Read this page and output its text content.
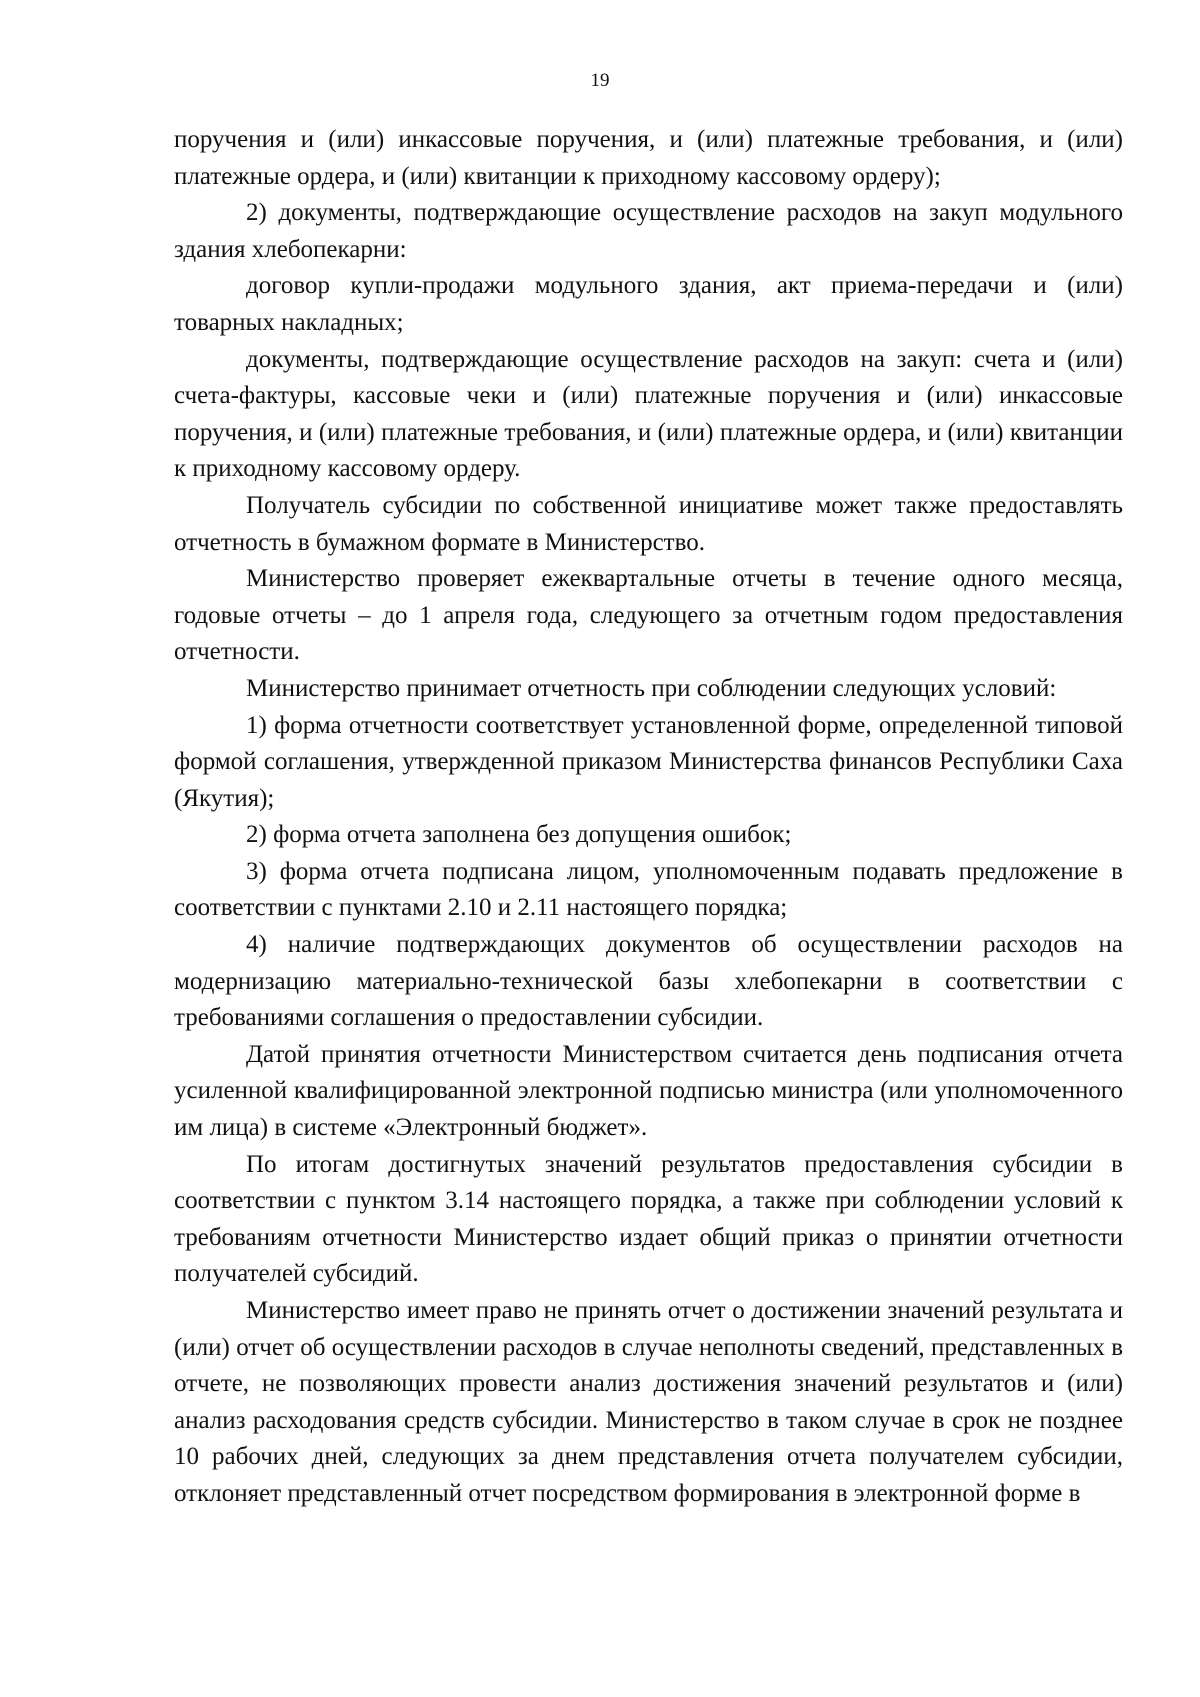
19

поручения и (или) инкассовые поручения, и (или) платежные требования, и (или) платежные ордера, и (или) квитанции к приходному кассовому ордеру);

2) документы, подтверждающие осуществление расходов на закуп модульного здания хлебопекарни:

договор купли-продажи модульного здания, акт приема-передачи и (или) товарных накладных;

документы, подтверждающие осуществление расходов на закуп: счета и (или) счета-фактуры, кассовые чеки и (или) платежные поручения и (или) инкассовые поручения, и (или) платежные требования, и (или) платежные ордера, и (или) квитанции к приходному кассовому ордеру.

Получатель субсидии по собственной инициативе может также предоставлять отчетность в бумажном формате в Министерство.

Министерство проверяет ежеквартальные отчеты в течение одного месяца, годовые отчеты – до 1 апреля года, следующего за отчетным годом предоставления отчетности.

Министерство принимает отчетность при соблюдении следующих условий:

1) форма отчетности соответствует установленной форме, определенной типовой формой соглашения, утвержденной приказом Министерства финансов Республики Саха (Якутия);

2) форма отчета заполнена без допущения ошибок;

3) форма отчета подписана лицом, уполномоченным подавать предложение в соответствии с пунктами 2.10 и 2.11 настоящего порядка;

4) наличие подтверждающих документов об осуществлении расходов на модернизацию материально-технической базы хлебопекарни в соответствии с требованиями соглашения о предоставлении субсидии.

Датой принятия отчетности Министерством считается день подписания отчета усиленной квалифицированной электронной подписью министра (или уполномоченного им лица) в системе «Электронный бюджет».

По итогам достигнутых значений результатов предоставления субсидии в соответствии с пунктом 3.14 настоящего порядка, а также при соблюдении условий к требованиям отчетности Министерство издает общий приказ о принятии отчетности получателей субсидий.

Министерство имеет право не принять отчет о достижении значений результата и (или) отчет об осуществлении расходов в случае неполноты сведений, представленных в отчете, не позволяющих провести анализ достижения значений результатов и (или) анализ расходования средств субсидии. Министерство в таком случае в срок не позднее 10 рабочих дней, следующих за днем представления отчета получателем субсидии, отклоняет представленный отчет посредством формирования в электронной форме в
